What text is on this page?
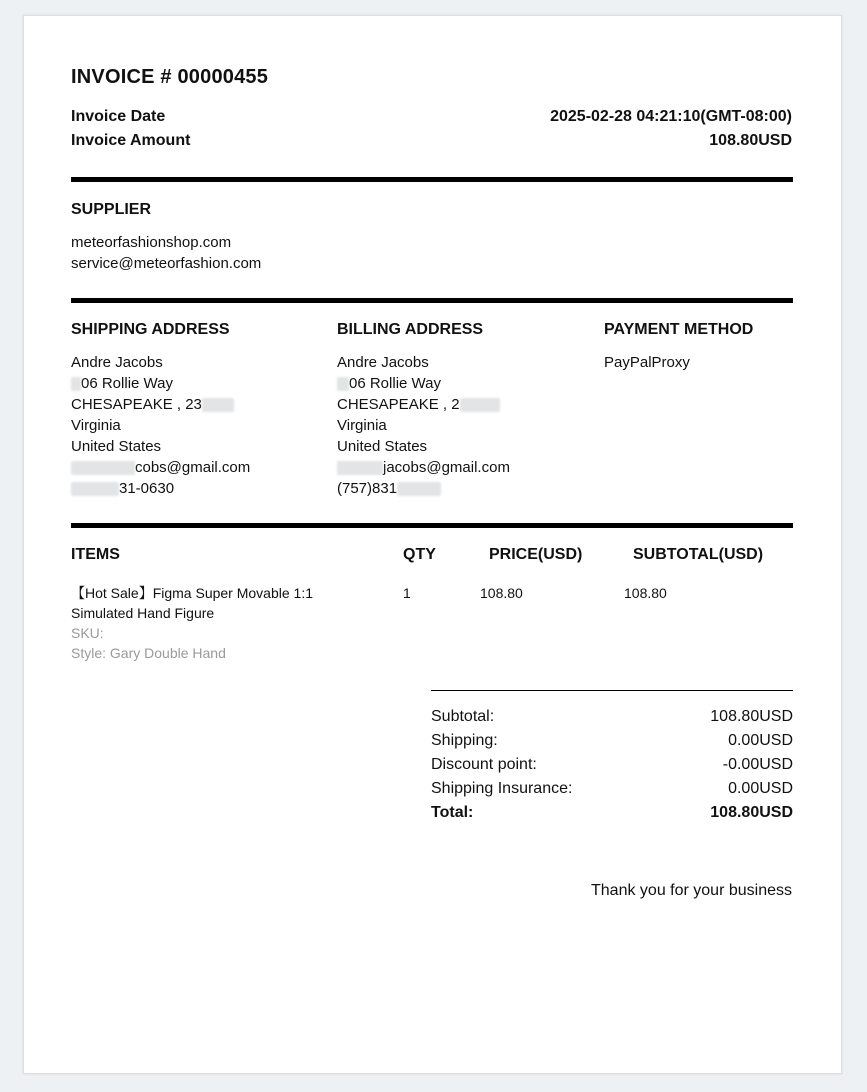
INVOICE # 00000455
Invoice Date	2025-02-28 04:21:10(GMT-08:00)
Invoice Amount	108.80USD
SUPPLIER
meteorfashionshop.com
service@meteorfashion.com
SHIPPING ADDRESS
Andre Jacobs
06 Rollie Way
CHESAPEAKE , 23
Virginia
United States
cobs@gmail.com
31-0630
BILLING ADDRESS
Andre Jacobs
06 Rollie Way
CHESAPEAKE , 2
Virginia
United States
jacobs@gmail.com
(757)831
PAYMENT METHOD
PayPalProxy
ITEMS	QTY	PRICE(USD)	SUBTOTAL(USD)
【Hot Sale】Figma Super Movable 1:1
Simulated Hand Figure
SKU:
Style: Gary Double Hand
1	108.80	108.80
Subtotal:	108.80USD
Shipping:	0.00USD
Discount point:	-0.00USD
Shipping Insurance:	0.00USD
Total:	108.80USD
Thank you for your business
